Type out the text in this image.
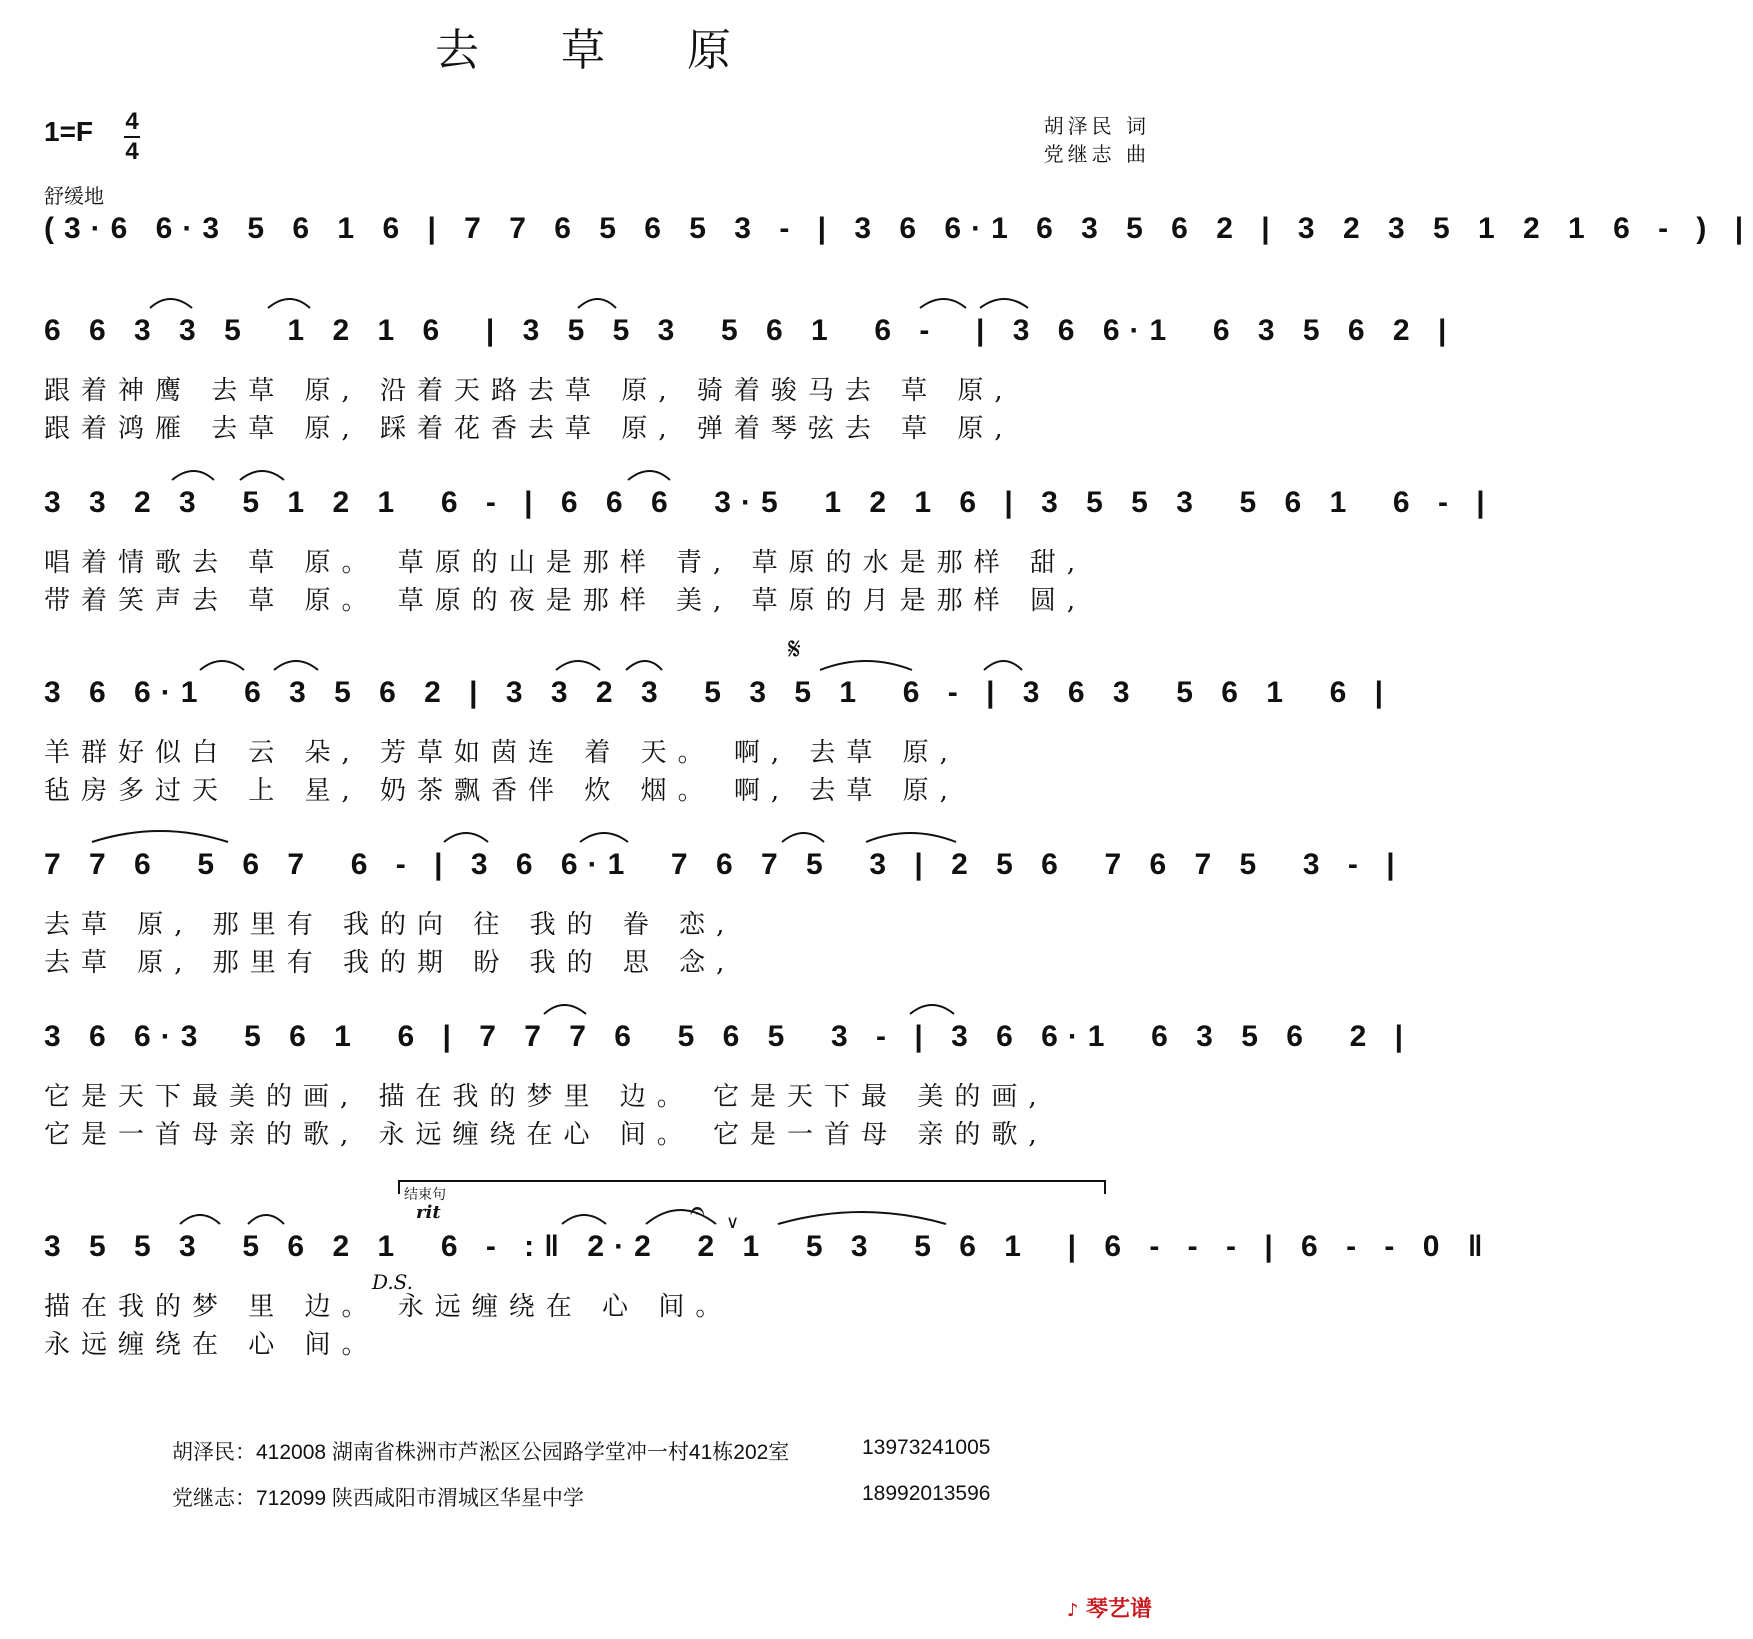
去 草 原
1=F 4
4
舒缓地
胡泽民 词
党继志 曲
(3·6 6·3 5 6 1 6 | 7 7 6 5 6 5 3 - | 3 6 6·1 6 3 5 6 2 | 3 2 3 5 1 2 1 6 - ) |
6 6 3 3 5  1 2 1 6  | 3 5 5 3  5 6 1  6 -  | 3 6 6·1  6 3 5 6 2 |
跟着神鹰 去草 原, 沿着天路去草 原, 骑着骏马去 草 原,
跟着鸿雁 去草 原, 踩着花香去草 原, 弹着琴弦去 草 原,
3 3 2 3  5 1 2 1  6 - | 6 6 6  3·5  1 2 1 6 | 3 5 5 3  5 6 1  6 - |
唱着情歌去 草 原。 草原的山是那样 青, 草原的水是那样 甜,
带着笑声去 草 原。 草原的夜是那样 美, 草原的月是那样 圆,
𝄋
3 6 6·1  6 3 5 6 2 | 3 3 2 3  5 3 5 1  6 - | 3 6 3  5 6 1  6 |
羊群好似白 云 朵, 芳草如茵连 着 天。 啊, 去草 原,
毡房多过天 上 星, 奶茶飘香伴 炊 烟。 啊, 去草 原,
7 7 6  5 6 7  6 - | 3 6 6·1  7 6 7 5  3 | 2 5 6  7 6 7 5  3 - |
去草 原, 那里有 我的向 往 我的 眷 恋,
去草 原, 那里有 我的期 盼 我的 思 念,
3 6 6·3  5 6 1  6 | 7 7 7 6  5 6 5  3 - | 3 6 6·1  6 3 5 6  2 |
它是天下最美的画, 描在我的梦里 边。 它是天下最 美的画,
它是一首母亲的歌, 永远缠绕在心 间。 它是一首母 亲的歌,
结束句
rit	𝄐 ∨
3 5 5 3  5 6 2 1  6 - :‖ 2·2  2 1  5 3  5 6 1  | 6 - - - | 6 - - 0 ‖
D.S.
描在我的梦 里 边。 永远缠绕在 心 间。
永远缠绕在 心 间。
胡泽民：412008 湖南省株洲市芦淞区公园路学堂冲一村41栋202室	13973241005
党继志：712099 陕西咸阳市渭城区华星中学	18992013596
♪ 琴艺谱
